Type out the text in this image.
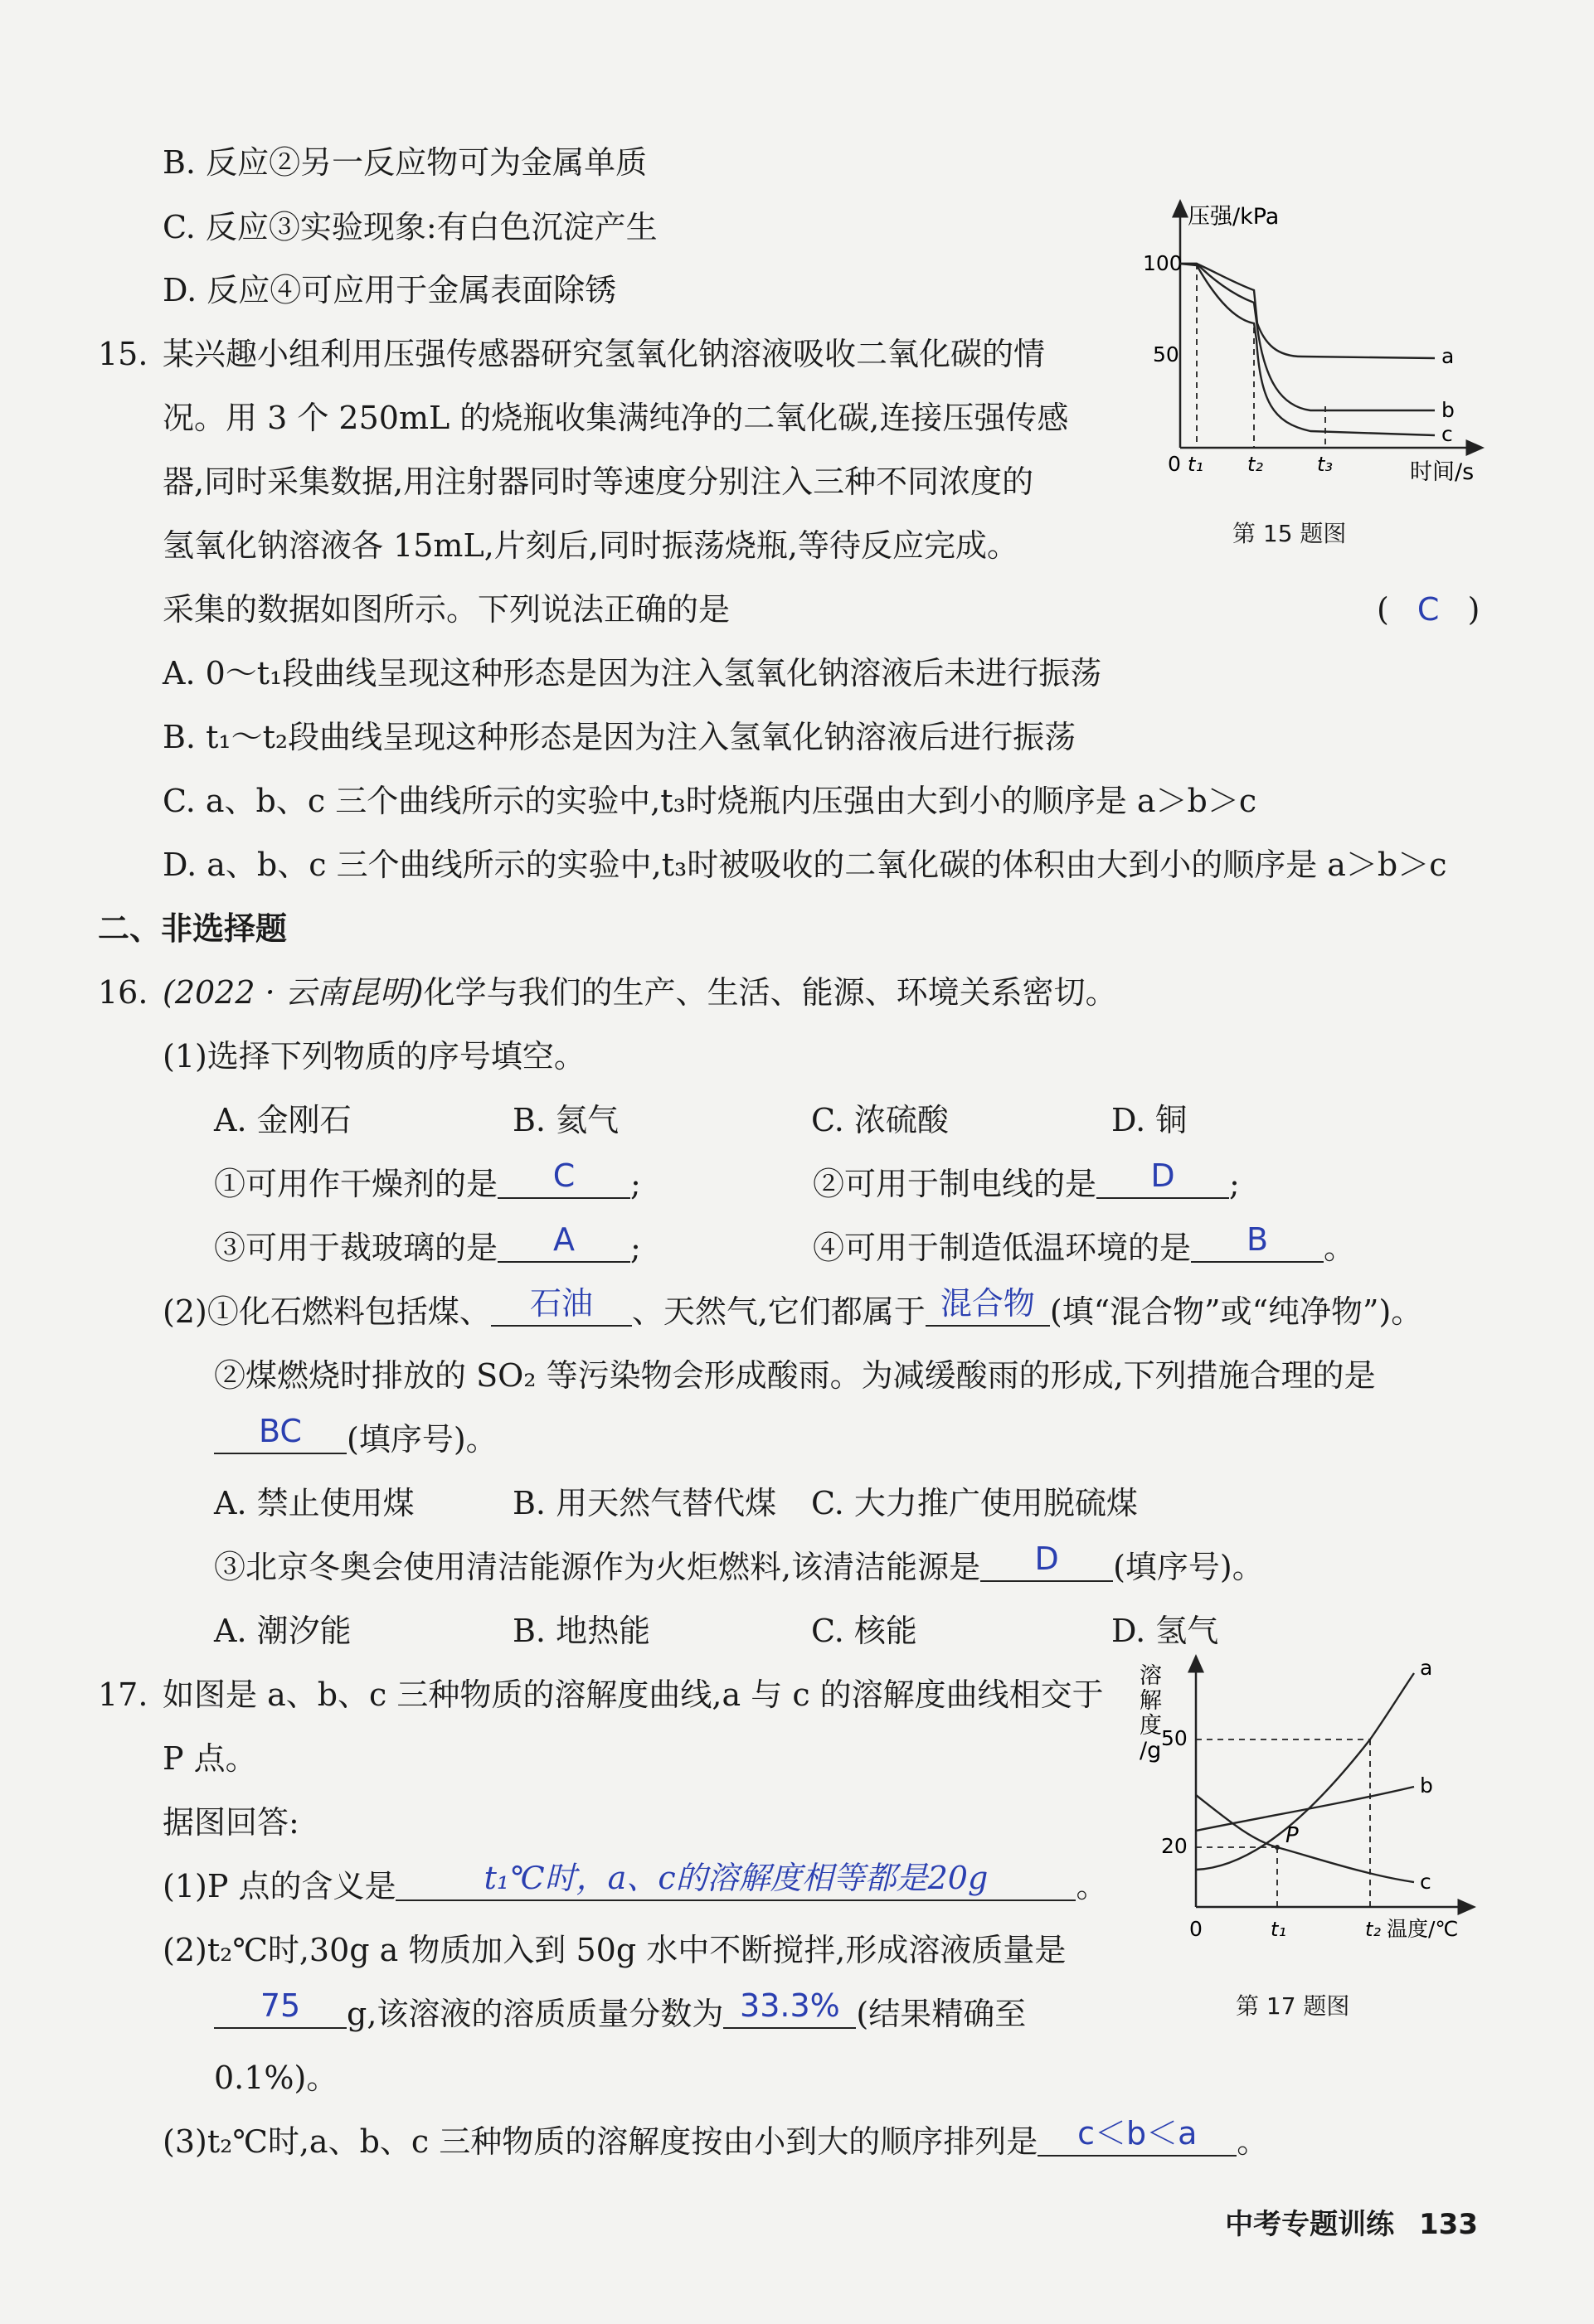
B. 反应②另一反应物可为金属单质
C. 反应③实验现象:有白色沉淀产生
D. 反应④可应用于金属表面除锈
15. 某兴趣小组利用压强传感器研究氢氧化钠溶液吸收二氧化碳的情
况。用 3 个 250mL 的烧瓶收集满纯净的二氧化碳,连接压强传感
器,同时采集数据,用注射器同时等速度分别注入三种不同浓度的
氢氧化钠溶液各 15mL,片刻后,同时振荡烧瓶,等待反应完成。
采集的数据如图所示。下列说法正确的是	( C )
A. 0～t₁段曲线呈现这种形态是因为注入氢氧化钠溶液后未进行振荡
B. t₁～t₂段曲线呈现这种形态是因为注入氢氧化钠溶液后进行振荡
C. a、b、c 三个曲线所示的实验中,t₃时烧瓶内压强由大到小的顺序是 a＞b＞c
D. a、b、c 三个曲线所示的实验中,t₃时被吸收的二氧化碳的体积由大到小的顺序是 a＞b＞c
压强/kPa
时间/s
100
50
0 t₁ t₂	t₃
a
b
c
第 15 题图
二、非选择题
16. (2022 · 云南昆明)化学与我们的生产、生活、能源、环境关系密切。
(1)选择下列物质的序号填空。
A. 金刚石	B. 氦气	C. 浓硫酸	D. 铜
①可用作干燥剂的是 C ;	②可用于制电线的是 D ;
③可用于裁玻璃的是 A ;	④可用于制造低温环境的是 B 。
(2)①化石燃料包括煤、 石油 、天然气,它们都属于 混合物 (填“混合物”或“纯净物”)。
②煤燃烧时排放的 SO₂ 等污染物会形成酸雨。为减缓酸雨的形成,下列措施合理的是
BC (填序号)。
A. 禁止使用煤	B. 用天然气替代煤 C. 大力推广使用脱硫煤
③北京冬奥会使用清洁能源作为火炬燃料,该清洁能源是 D (填序号)。
A. 潮汐能	B. 地热能	C. 核能	D. 氢气
17. 如图是 a、b、c 三种物质的溶解度曲线,a 与 c 的溶解度曲线相交于
P 点。
据图回答:
(1)P 点的含义是	t₁℃时，a、c的溶解度相等都是20g	。
(2)t₂℃时,30g a 物质加入到 50g 水中不断搅拌,形成溶液质量是
75 g,该溶液的溶质质量分数为 33.3% (结果精确至
0.1%)。
(3)t₂℃时,a、b、c 三种物质的溶解度按由小到大的顺序排列是 c＜b＜a 。
溶
解
度
/g 50
20
0	t₁	t₂ 温度/℃
P
a
b
c
第 17 题图
中考专题训练 133
